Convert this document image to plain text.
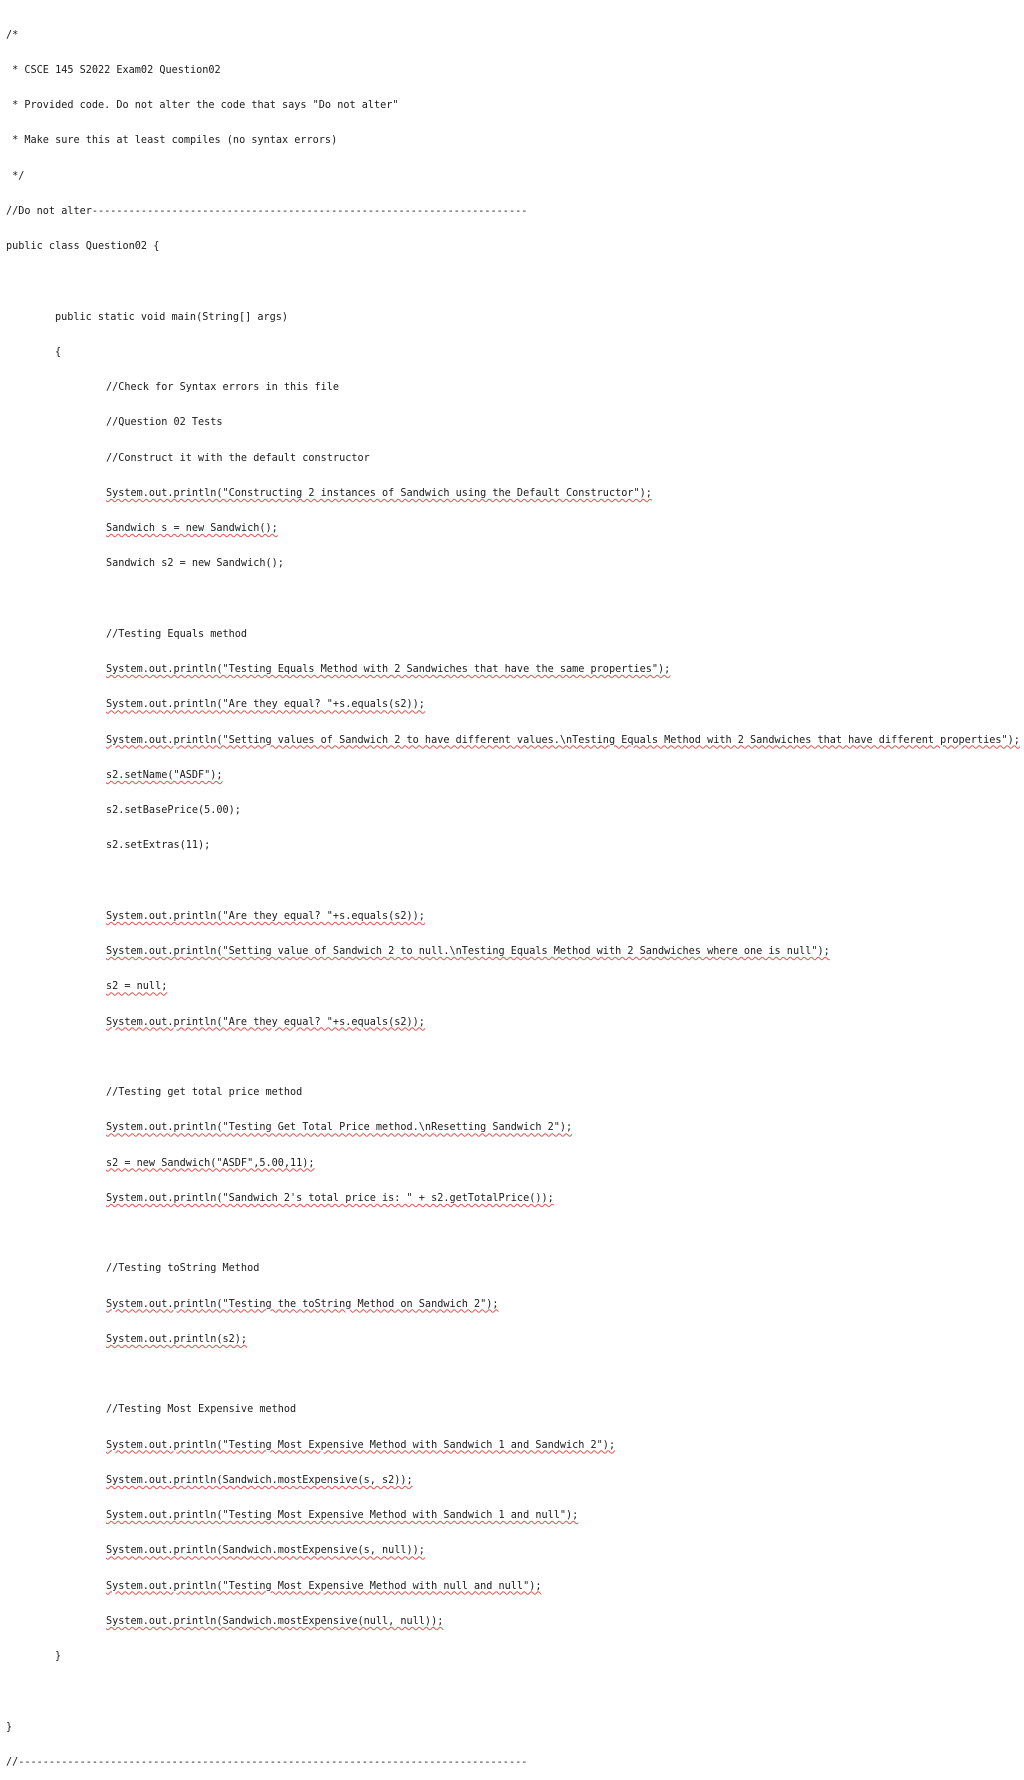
/*

* CSCE 145 S2022 Exam02 Question02

* Provided code. Do not alter the code that says "Do not alter"

* Make sure this at least compiles (no syntax errors)

*/

//Do not alter-----------------------------------------------------------------------

public class Question02 {

public static void main(String[] args)

{

//Check for Syntax errors in this file

//Question 02 Tests

//Construct it with the default constructor

System.out.println("Constructing 2 instances of Sandwich using the Default Constructor");

Sandwich s = new Sandwich();

Sandwich s2 = new Sandwich();

//Testing Equals method

System.out.println("Testing Equals Method with 2 Sandwiches that have the same properties");

System.out.println("Are they equal? "+s.equals(s2));

System.out.println("Setting values of Sandwich 2 to have different values.\nTesting Equals Method with 2 Sandwiches that have different properties");

s2.setName("ASDF");

s2.setBasePrice(5.00);

s2.setExtras(11);

System.out.println("Are they equal? "+s.equals(s2));

System.out.println("Setting value of Sandwich 2 to null.\nTesting Equals Method with 2 Sandwiches where one is null");

s2 = null;

System.out.println("Are they equal? "+s.equals(s2));

//Testing get total price method

System.out.println("Testing Get Total Price method.\nResetting Sandwich 2");

s2 = new Sandwich("ASDF",5.00,11);

System.out.println("Sandwich 2's total price is: " + s2.getTotalPrice());

//Testing toString Method

System.out.println("Testing the toString Method on Sandwich 2");

System.out.println(s2);

//Testing Most Expensive method

System.out.println("Testing Most Expensive Method with Sandwich 1 and Sandwich 2");

System.out.println(Sandwich.mostExpensive(s, s2));

System.out.println("Testing Most Expensive Method with Sandwich 1 and null");

System.out.println(Sandwich.mostExpensive(s, null));

System.out.println("Testing Most Expensive Method with null and null");

System.out.println(Sandwich.mostExpensive(null, null));

}

}

//-----------------------------------------------------------------------------------
